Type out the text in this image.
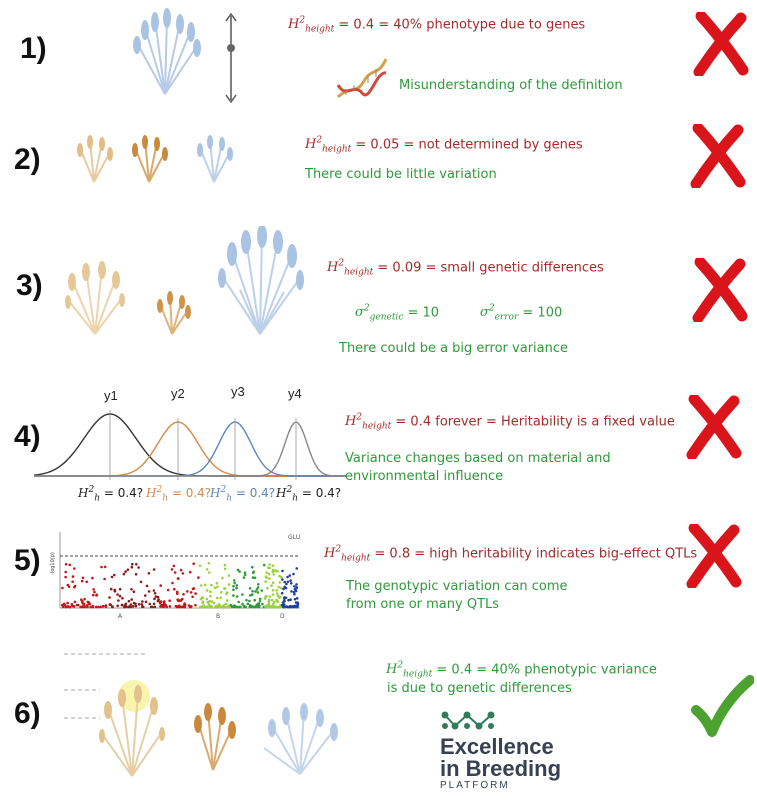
1)
2)
3)
4)
5)
6)
$H^2_{height} = 0.4 = 40\%$ phenotype due to genes
Misunderstanding of the definition
$H^2_{height} = 0.05$ = not determined by genes
There could be little variation
$H^2_{height} = 0.09$ = small genetic differences
$\sigma^2_{genetic} = 10$	$\sigma^2_{error} = 100$
There could be a big error variance
y1	y2	y3	y4
$H^2_h = 0.4$? $H^2_h = 0.4$?
$H^2_h = 0.4$? $H^2_h = 0.4$?
$H^2_{height} = 0.4$ forever = Heritability is a fixed value
Variance changes based on material and
environmental influence
-log10(p)
GLU
A	B	D
$H^2_{height} = 0.8$ = high heritability indicates big-effect QTLs
The genotypic variation can come
from one or many QTLs
$H^2_{height} = 0.4 = 40\%$ phenotypic variance
is due to genetic differences
Excellence
in Breeding
PLATFORM
